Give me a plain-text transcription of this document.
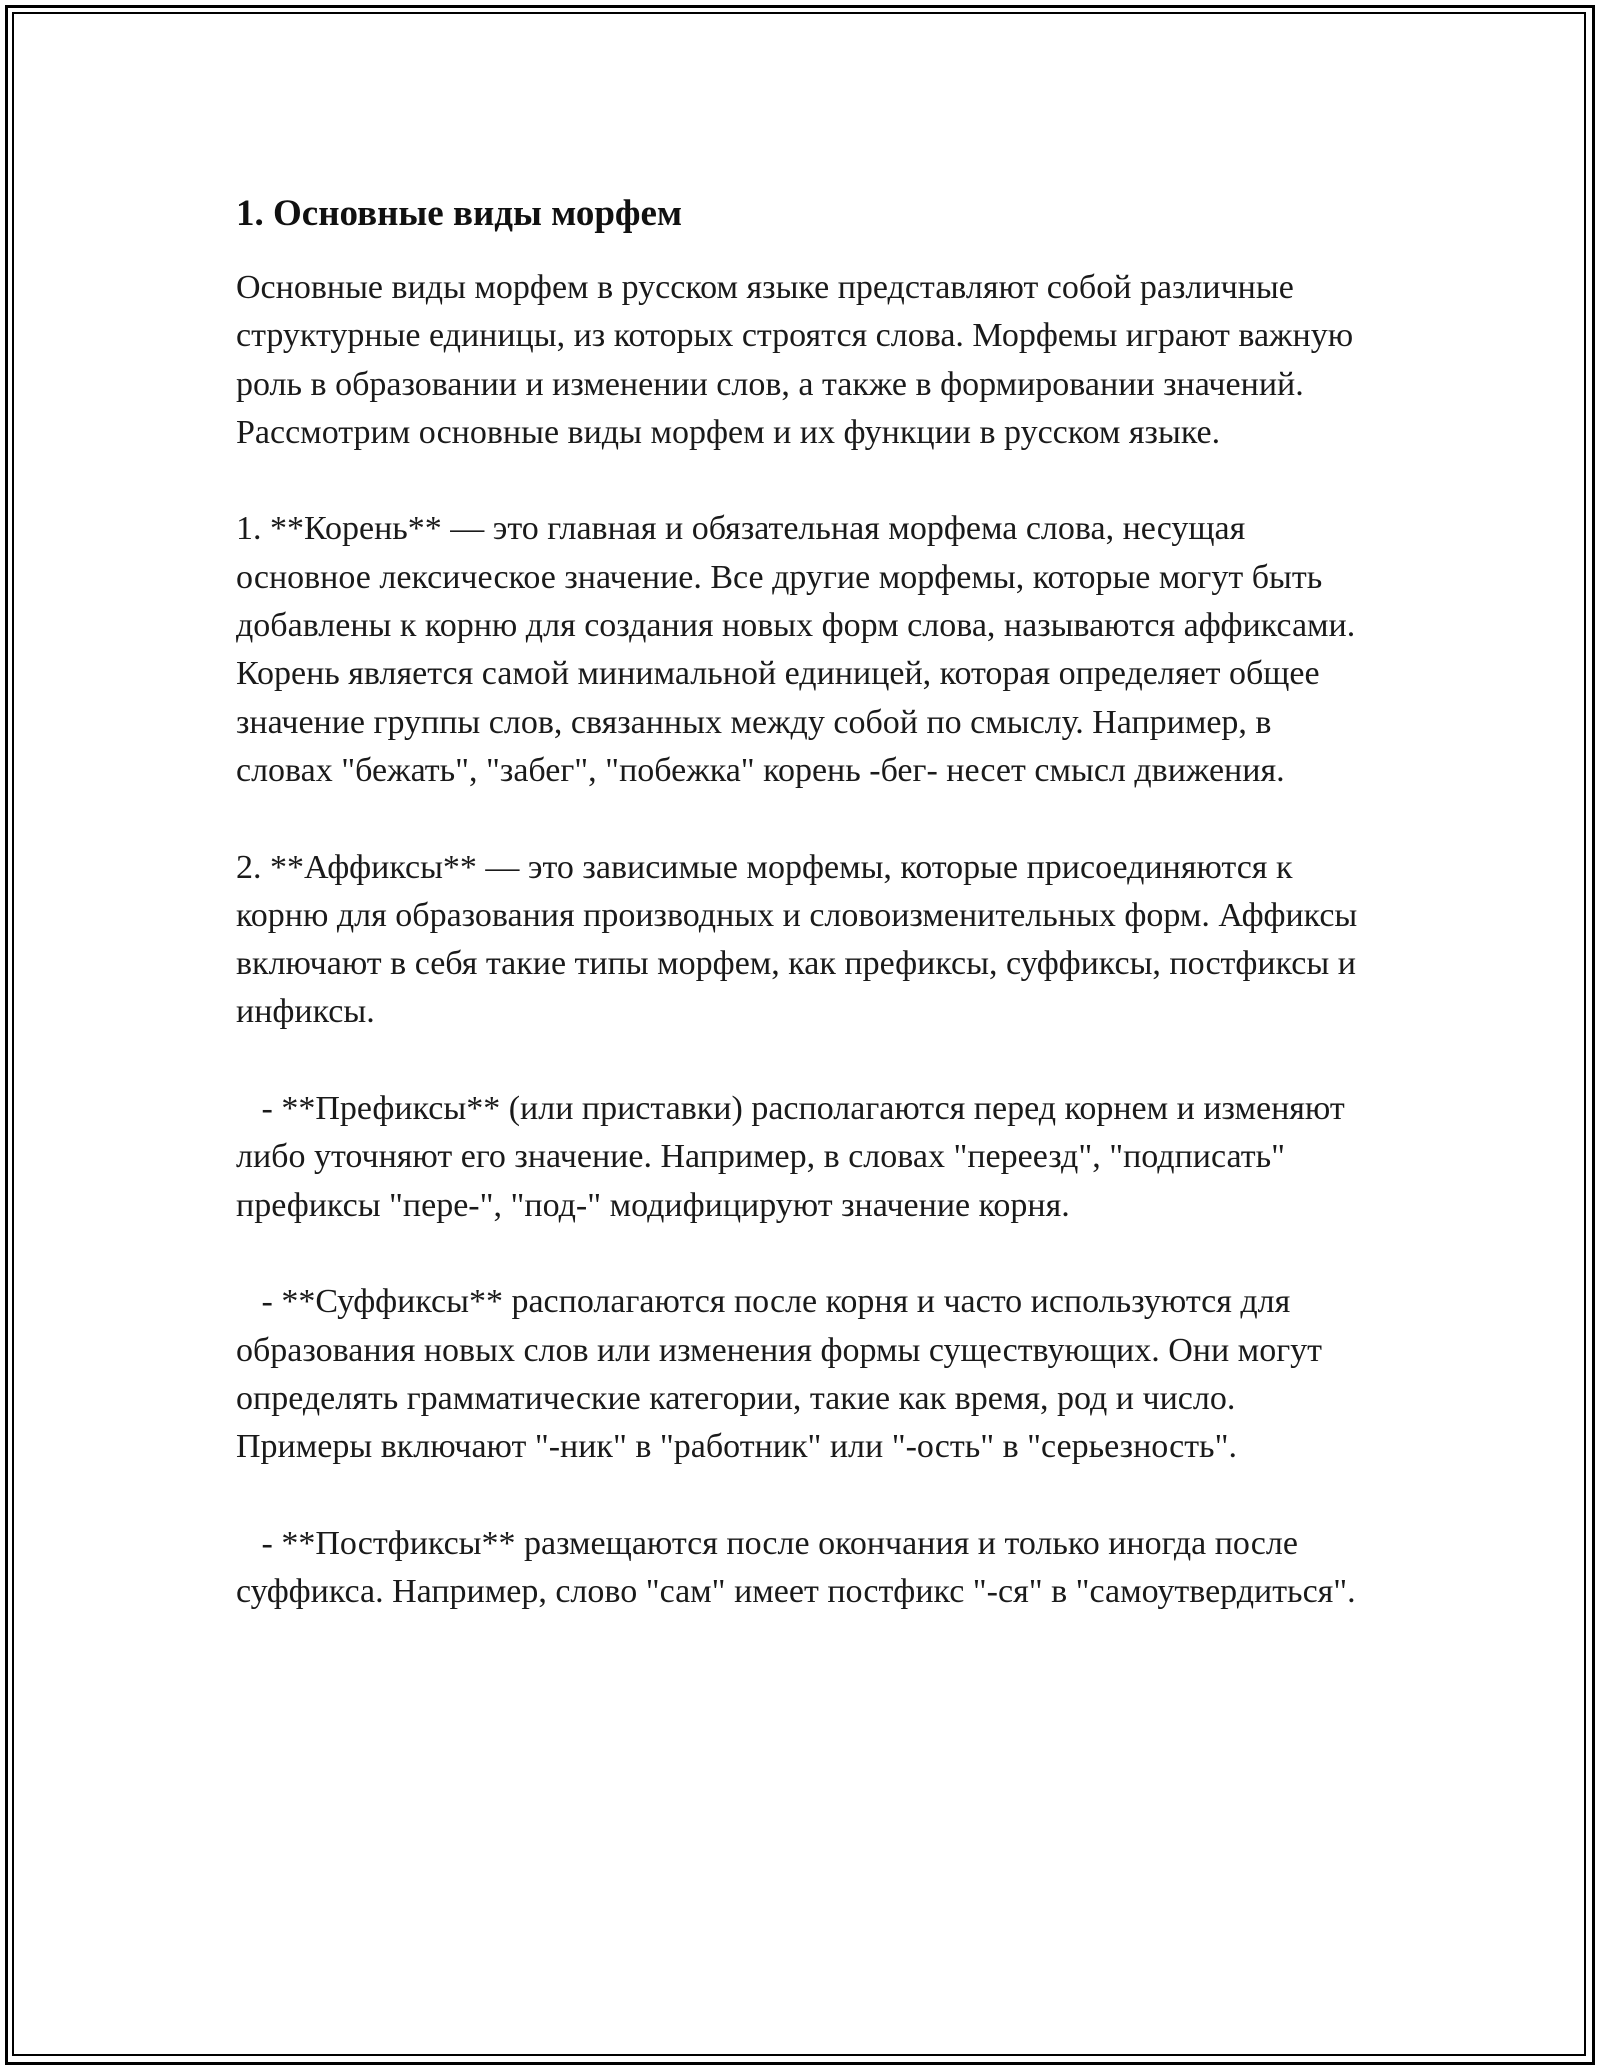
1. Основные виды морфем

Основные виды морфем в русском языке представляют собой различные структурные единицы, из которых строятся слова. Морфемы играют важную роль в образовании и изменении слов, а также в формировании значений. Рассмотрим основные виды морфем и их функции в русском языке.

1. **Корень** — это главная и обязательная морфема слова, несущая основное лексическое значение. Все другие морфемы, которые могут быть добавлены к корню для создания новых форм слова, называются аффиксами. Корень является самой минимальной единицей, которая определяет общее значение группы слов, связанных между собой по смыслу. Например, в словах "бежать", "забег", "побежка" корень -бег- несет смысл движения.

2. **Аффиксы** — это зависимые морфемы, которые присоединяются к корню для образования производных и словоизменительных форм. Аффиксы включают в себя такие типы морфем, как префиксы, суффиксы, постфиксы и инфиксы.

- **Префиксы** (или приставки) располагаются перед корнем и изменяют либо уточняют его значение. Например, в словах "переезд", "подписать" префиксы "пере-", "под-" модифицируют значение корня.

- **Суффиксы** располагаются после корня и часто используются для образования новых слов или изменения формы существующих. Они могут определять грамматические категории, такие как время, род и число. Примеры включают "-ник" в "работник" или "-ость" в "серьезность".

- **Постфиксы** размещаются после окончания и только иногда после суффикса. Например, слово "сам" имеет постфикс "-ся" в "самоутвердиться".
